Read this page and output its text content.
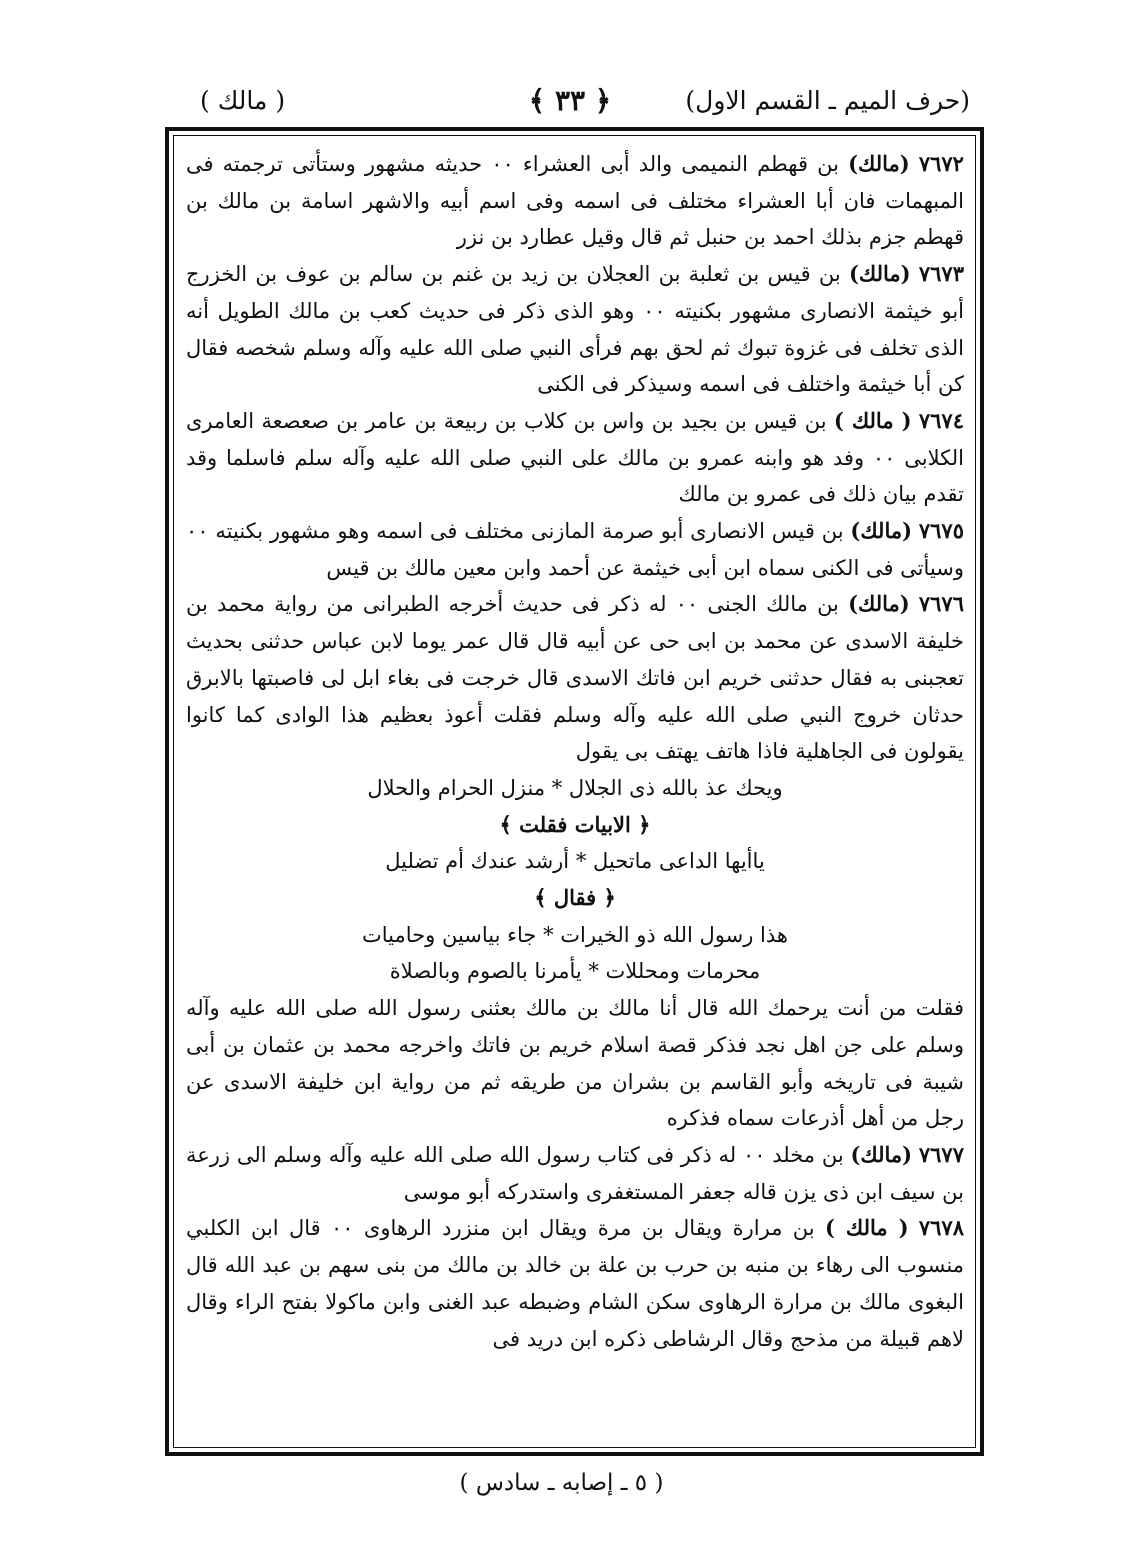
(حرف الميم ـ القسم الاول)
﴿ ٣٣ ﴾
( مالك )

٧٦٧٢ (مالك) بن قهطم النميمى والد أبى العشراء ٠٠ حديثه مشهور وستأتى ترجمته فى المبهمات فان أبا العشراء مختلف فى اسمه وفى اسم أبيه والاشهر اسامة بن مالك بن قهطم جزم بذلك احمد بن حنبل ثم قال وقيل عطارد بن نزر

٧٦٧٣ (مالك) بن قيس بن ثعلبة بن العجلان بن زيد بن غنم بن سالم بن عوف بن الخزرج أبو خيثمة الانصارى مشهور بكنيته ٠٠ وهو الذى ذكر فى حديث كعب بن مالك الطويل أنه الذى تخلف فى غزوة تبوك ثم لحق بهم فرأى النبي صلى الله عليه وآله وسلم شخصه فقال كن أبا خيثمة واختلف فى اسمه وسيذكر فى الكنى

٧٦٧٤ ( مالك ) بن قيس بن بجيد بن واس بن كلاب بن ربيعة بن عامر بن صعصعة العامرى الكلابى ٠٠ وفد هو وابنه عمرو بن مالك على النبي صلى الله عليه وآله سلم فاسلما وقد تقدم بيان ذلك فى عمرو بن مالك

٧٦٧٥ (مالك) بن قيس الانصارى أبو صرمة المازنى مختلف فى اسمه وهو مشهور بكنيته ٠٠ وسيأتى فى الكنى سماه ابن أبى خيثمة عن أحمد وابن معين مالك بن قيس

٧٦٧٦ (مالك) بن مالك الجنى ٠٠ له ذكر فى حديث أخرجه الطبرانى من رواية محمد بن خليفة الاسدى عن محمد بن ابى حى عن أبيه قال قال عمر يوما لابن عباس حدثنى بحديث تعجبنى به فقال حدثنى خريم ابن فاتك الاسدى قال خرجت فى بغاء ابل لى فاصبتها بالابرق حدثان خروج النبي صلى الله عليه وآله وسلم فقلت أعوذ بعظيم هذا الوادى كما كانوا يقولون فى الجاهلية فاذا هاتف يهتف بى يقول

ويحك عذ بالله ذى الجلال * منزل الحرام والحلال

﴿ الابيات فقلت ﴾

ياأيها الداعى ماتحيل * أرشد عندك أم تضليل

﴿ فقال ﴾

هذا رسول الله ذو الخيرات * جاء بياسين وحاميات

محرمات ومحللات * يأمرنا بالصوم وبالصلاة

فقلت من أنت يرحمك الله قال أنا مالك بن مالك بعثنى رسول الله صلى الله عليه وآله وسلم على جن اهل نجد فذكر قصة اسلام خريم بن فاتك واخرجه محمد بن عثمان بن أبى شيبة فى تاريخه وأبو القاسم بن بشران من طريقه ثم من رواية ابن خليفة الاسدى عن رجل من أهل أذرعات سماه فذكره

٧٦٧٧ (مالك) بن مخلد ٠٠ له ذكر فى كتاب رسول الله صلى الله عليه وآله وسلم الى زرعة بن سيف ابن ذى يزن قاله جعفر المستغفرى واستدركه أبو موسى

٧٦٧٨ ( مالك ) بن مرارة ويقال بن مرة ويقال ابن منزرد الرهاوى ٠٠ قال ابن الكلبي منسوب الى رهاء بن منبه بن حرب بن علة بن خالد بن مالك من بنى سهم بن عبد الله قال البغوى مالك بن مرارة الرهاوى سكن الشام وضبطه عبد الغنى وابن ماكولا بفتح الراء وقال لاهم قبيلة من مذحج وقال الرشاطى ذكره ابن دريد فى

( ٥ ـ إصابه ـ سادس )
